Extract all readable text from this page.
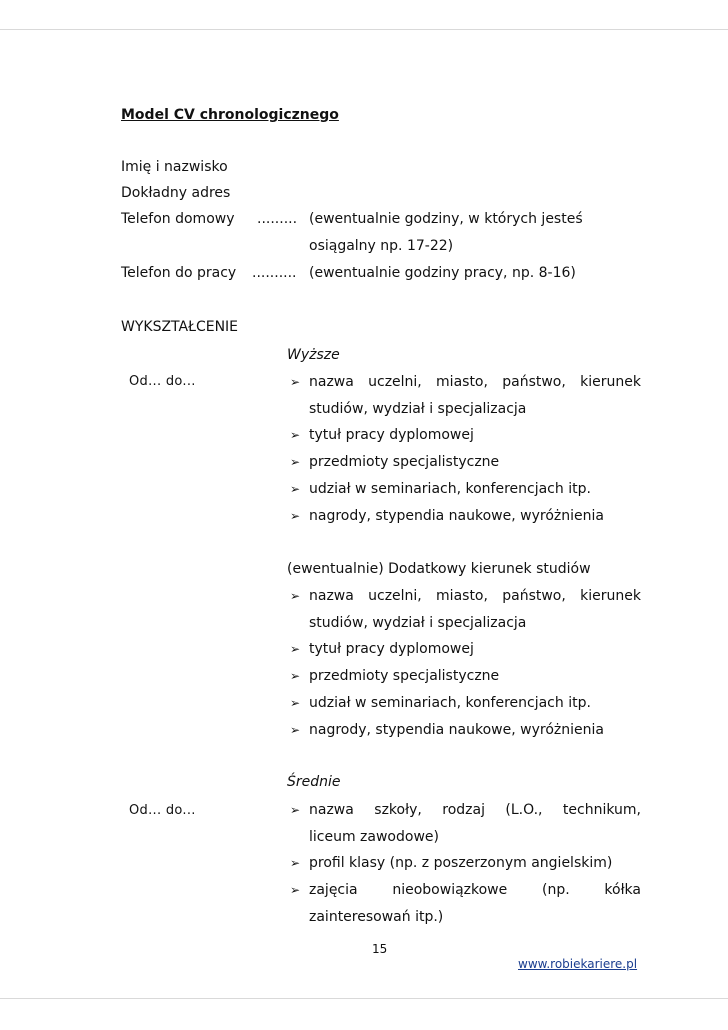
Model CV chronologicznego
Imię i nazwisko
Dokładny adres
Telefon domowy ......... (ewentualnie godziny, w których jesteś
osiągalny np. 17-22)
Telefon do pracy .......... (ewentualnie godziny pracy, np. 8-16)
WYKSZTAŁCENIE
Wyższe
Od... do...	➢ nazwa uczelni, miasto, państwo, kierunek
studiów, wydział i specjalizacja
➢ tytuł pracy dyplomowej
➢ przedmioty specjalistyczne
➢ udział w seminariach, konferencjach itp.
➢ nagrody, stypendia naukowe, wyróżnienia
(ewentualnie) Dodatkowy kierunek studiów
➢ nazwa uczelni, miasto, państwo, kierunek
studiów, wydział i specjalizacja
➢ tytuł pracy dyplomowej
➢ przedmioty specjalistyczne
➢ udział w seminariach, konferencjach itp.
➢ nagrody, stypendia naukowe, wyróżnienia
Średnie
Od... do...	➢ nazwa szkoły, rodzaj (L.O., technikum,
liceum zawodowe)
➢ profil klasy (np. z poszerzonym angielskim)
➢ zajęcia nieobowiązkowe (np. kółka
zainteresowań itp.)
15
www.robiekariere.pl
